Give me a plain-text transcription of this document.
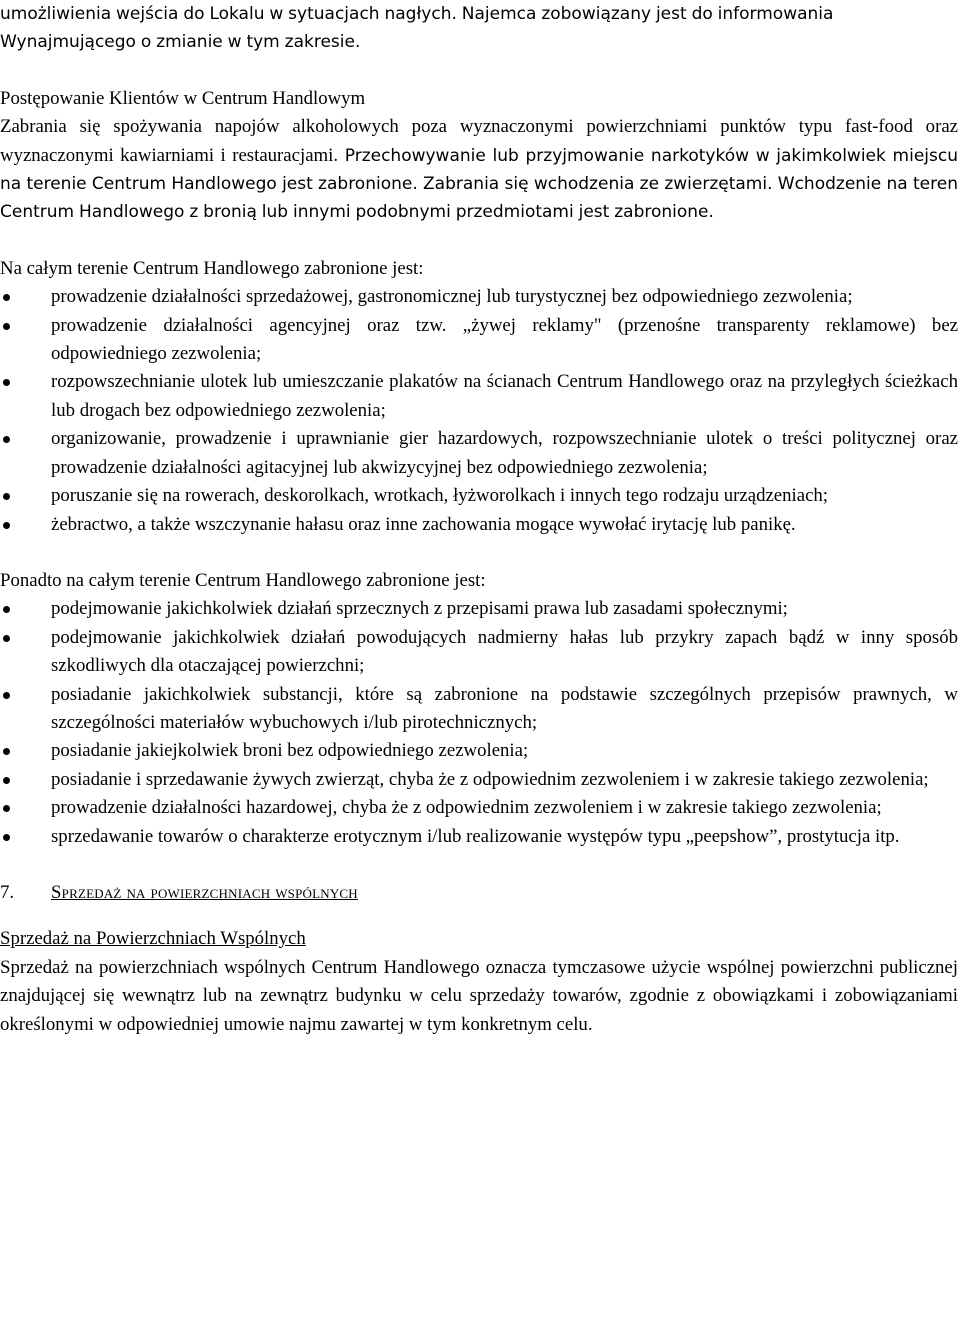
umożliwienia wejścia do Lokalu w sytuacjach nagłych. Najemca zobowiązany jest do informowania
Wynajmującego o zmianie w tym zakresie.

Postępowanie Klientów w Centrum Handlowym

Zabrania się spożywania napojów alkoholowych poza wyznaczonymi powierzchniami punktów typu fast-food oraz wyznaczonymi kawiarniami i restauracjami. Przechowywanie lub przyjmowanie narkotyków w jakimkolwiek miejscu na terenie Centrum Handlowego jest zabronione. Zabrania się wchodzenia ze zwierzętami. Wchodzenie na teren Centrum Handlowego z bronią lub innymi podobnymi przedmiotami jest zabronione.

Na całym terenie Centrum Handlowego zabronione jest:

prowadzenie działalności sprzedażowej, gastronomicznej lub turystycznej bez odpowiedniego zezwolenia;
prowadzenie działalności agencyjnej oraz tzw. „żywej reklamy" (przenośne transparenty reklamowe) bez odpowiedniego zezwolenia;
rozpowszechnianie ulotek lub umieszczanie plakatów na ścianach Centrum Handlowego oraz na przyległych ścieżkach lub drogach bez odpowiedniego zezwolenia;
organizowanie, prowadzenie i uprawnianie gier hazardowych, rozpowszechnianie ulotek o treści politycznej oraz prowadzenie działalności agitacyjnej lub akwizycyjnej bez odpowiedniego zezwolenia;
poruszanie się na rowerach, deskorolkach, wrotkach, łyżworolkach i innych tego rodzaju urządzeniach;
żebractwo, a także wszczynanie hałasu oraz inne zachowania mogące wywołać irytację lub panikę.

Ponadto na całym terenie Centrum Handlowego zabronione jest:

podejmowanie jakichkolwiek działań sprzecznych z przepisami prawa lub zasadami społecznymi;
podejmowanie jakichkolwiek działań powodujących nadmierny hałas lub przykry zapach bądź w inny sposób szkodliwych dla otaczającej powierzchni;
posiadanie jakichkolwiek substancji, które są zabronione na podstawie szczególnych przepisów prawnych, w szczególności materiałów wybuchowych i/lub pirotechnicznych;
posiadanie jakiejkolwiek broni bez odpowiedniego zezwolenia;
posiadanie i sprzedawanie żywych zwierząt, chyba że z odpowiednim zezwoleniem i w zakresie takiego zezwolenia;
prowadzenie działalności hazardowej, chyba że z odpowiednim zezwoleniem i w zakresie takiego zezwolenia;
sprzedawanie towarów o charakterze erotycznym i/lub realizowanie występów typu „peepshow”, prostytucja itp.
7.	Sprzedaż na powierzchniach wspólnych

Sprzedaż na Powierzchniach Wspólnych

Sprzedaż na powierzchniach wspólnych Centrum Handlowego oznacza tymczasowe użycie wspólnej powierzchni publicznej znajdującej się wewnątrz lub na zewnątrz budynku w celu sprzedaży towarów, zgodnie z obowiązkami i zobowiązaniami określonymi w odpowiedniej umowie najmu zawartej w tym konkretnym celu.
